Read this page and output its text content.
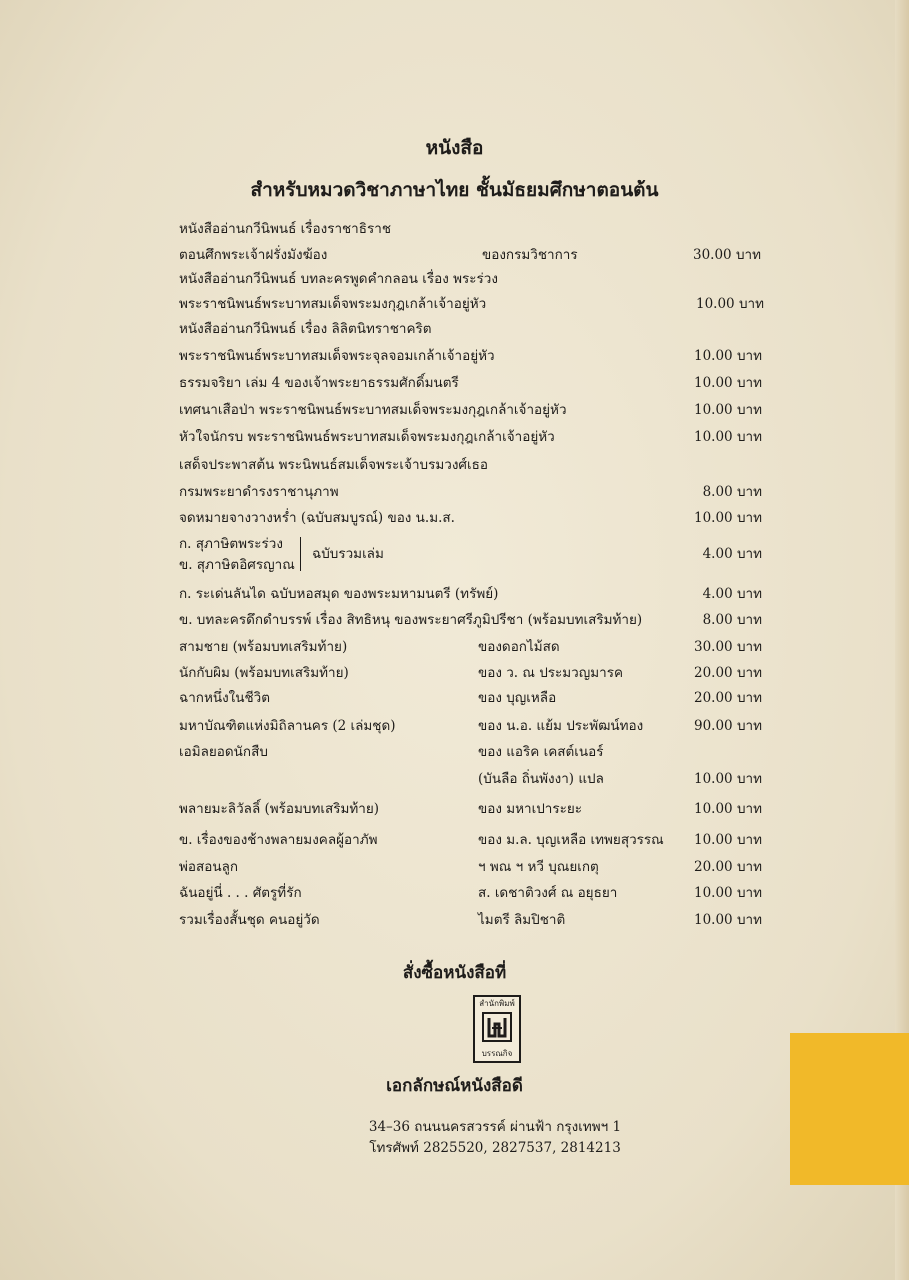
หนังสือ
สำหรับหมวดวิชาภาษาไทย ชั้นมัธยมศึกษาตอนต้น
หนังสืออ่านกวีนิพนธ์ เรื่องราชาธิราช
ตอนศึกพระเจ้าฝรั่งมังฆ้อง	ของกรมวิชาการ	30.00 บาท
หนังสืออ่านกวีนิพนธ์ บทละครพูดคำกลอน เรื่อง พระร่วง
พระราชนิพนธ์พระบาทสมเด็จพระมงกุฎเกล้าเจ้าอยู่หัว	10.00 บาท
หนังสืออ่านกวีนิพนธ์ เรื่อง ลิลิตนิทราชาคริต
พระราชนิพนธ์พระบาทสมเด็จพระจุลจอมเกล้าเจ้าอยู่หัว	10.00 บาท
ธรรมจริยา เล่ม 4 ของเจ้าพระยาธรรมศักดิ์มนตรี	10.00 บาท
เทศนาเสือป่า พระราชนิพนธ์พระบาทสมเด็จพระมงกุฎเกล้าเจ้าอยู่หัว	10.00 บาท
หัวใจนักรบ พระราชนิพนธ์พระบาทสมเด็จพระมงกุฎเกล้าเจ้าอยู่หัว	10.00 บาท
เสด็จประพาสต้น พระนิพนธ์สมเด็จพระเจ้าบรมวงศ์เธอ
กรมพระยาดำรงราชานุภาพ	8.00 บาท
จดหมายจางวางหร่ำ (ฉบับสมบูรณ์) ของ น.ม.ส.	10.00 บาท
ก. สุภาษิตพระร่วง
ข. สุภาษิตอิศรญาณ
ฉบับรวมเล่ม	4.00 บาท
ก. ระเด่นลันได ฉบับหอสมุด ของพระมหามนตรี (ทรัพย์)	4.00 บาท
ข. บทละครดึกดำบรรพ์ เรื่อง สิทธิหนุ ของพระยาศรีภูมิปรีชา (พร้อมบทเสริมท้าย)	8.00 บาท
สามชาย (พร้อมบทเสริมท้าย)	ของดอกไม้สด	30.00 บาท
นักกับผิม (พร้อมบทเสริมท้าย)	ของ ว. ณ ประมวญมารค	20.00 บาท
ฉากหนึ่งในชีวิต	ของ บุญเหลือ	20.00 บาท
มหาบัณฑิตแห่งมิถิลานคร (2 เล่มชุด)	ของ น.อ. แย้ม ประพัฒน์ทอง	90.00 บาท
เอมิลยอดนักสืบ	ของ แอริค เคสต์เนอร์
(บันลือ ถิ่นพังงา) แปล	10.00 บาท
พลายมะลิวัลลิ์ (พร้อมบทเสริมท้าย)	ของ มหาเปาระยะ	10.00 บาท
ข. เรื่องของช้างพลายมงคลผู้อาภัพ	ของ ม.ล. บุญเหลือ เทพยสุวรรณ	10.00 บาท
พ่อสอนลูก	ฯ พณ ฯ หวี บุณยเกตุ	20.00 บาท
ฉันอยู่นี่ . . . ศัตรูที่รัก	ส. เดชาติวงศ์ ณ อยุธยา	10.00 บาท
รวมเรื่องสั้นชุด คนอยู่วัด	ไมตรี ลิมปิชาติ	10.00 บาท
สั่งซื้อหนังสือที่
สำนักพิมพ์
บรรณกิจ
เอกลักษณ์หนังสือดี
34–36 ถนนนครสวรรค์ ผ่านฟ้า กรุงเทพฯ 1
โทรศัพท์ 2825520, 2827537, 2814213
